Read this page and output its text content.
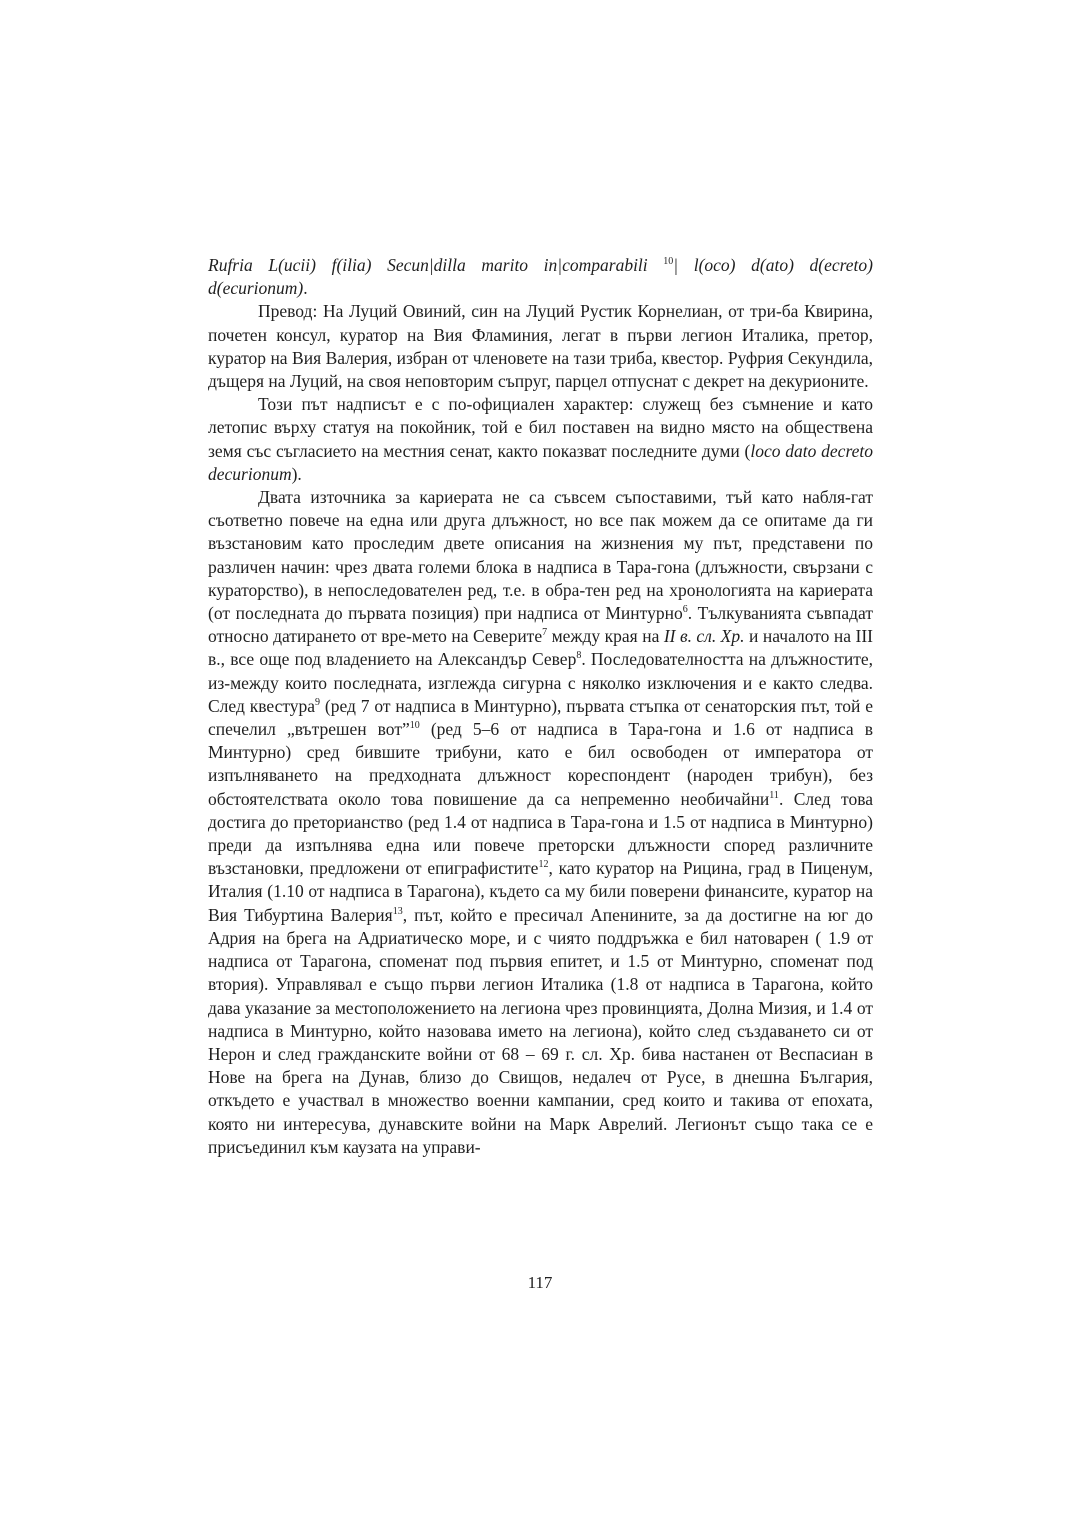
Rufria L(ucii) f(ilia) Secun|dilla marito in|comparabili $^{10}$| l(oco) d(ato) d(ecreto) d(ecurionum).

Превод: На Луций Овиний, син на Луций Рустик Корнелиан, от три-ба Квирина, почетен консул, куратор на Вия Фламиния, легат в първи легион Италика, претор, куратор на Вия Валерия, избран от членовете на тази триба, квестор. Руфрия Секундила, дъщеря на Луций, на своя неповторим съпруг, парцел отпуснат с декрет на декурионите.

Този път надписът е с по-официален характер: служещ без съмнение и като летопис върху статуя на покойник, той е бил поставен на видно място на обществена земя със съгласието на местния сенат, както показват последните думи (loco dato decreto decurionum).

Двата източника за кариерата не са съвсем съпоставими, тъй като набля-гат съответно повече на една или друга длъжност, но все пак можем да се опитаме да ги възстановим като проследим двете описания на жизнения му път, представени по различен начин: чрез двата големи блока в надписа в Тара-гона (длъжности, свързани с кураторство), в непоследователен ред, т.е. в обра-тен ред на хронологията на кариерата (от последната до първата позиция) при надписа от Минтурно$^6$. Тълкуванията съвпадат относно датирането от вре-мето на Северите$^7$ между края на II в. сл. Хр. и началото на III в., все още под владението на Александър Север$^8$. Последователността на длъжностите, из-между които последната, изглежда сигурна с няколко изключения и е както следва. След квестура$^9$ (ред 7 от надписа в Минтурно), първата стъпка от сенаторския път, той е спечелил „вътрешен вот”$^{10}$ (ред 5–6 от надписа в Тара-гона и 1.6 от надписа в Минтурно) сред бившите трибуни, като е бил освободен от императора от изпълняването на предходната длъжност кореспондент (народен трибун), без обстоятелствата около това повишение да са непременно необичайни$^{11}$. След това достига до преторианство (ред 1.4 от надписа в Тара-гона и 1.5 от надписа в Минтурно) преди да изпълнява една или повече преторски длъжности според различните възстановки, предложени от епиграфистите$^{12}$, като куратор на Рицина, град в Пиценум, Италия (1.10 от надписа в Тарагона), където са му били поверени финансите, куратор на Вия Тибуртина Валерия$^{13}$, път, който е пресичал Апенините, за да достигне на юг до Адрия на брега на Адриатическо море, и с чиято поддръжка е бил натоварен ( 1.9 от надписа от Тарагона, споменат под първия епитет, и 1.5 от Минтурно, споменат под втория). Управлявал е също първи легион Италика (1.8 от надписа в Тарагона, който дава указание за местоположението на легиона чрез провинцията, Долна Мизия, и 1.4 от надписа в Минтурно, който назовава името на легиона), който след създаването си от Нерон и след гражданските войни от 68 – 69 г. сл. Хр. бива настанен от Веспасиан в Нове на брега на Дунав, близо до Свищов, недалеч от Русе, в днешна България, откъдето е участвал в множество военни кампании, сред които и такива от епохата, която ни интересува, дунавските войни на Марк Аврелий. Легионът също така се е присъединил към каузата на управи-

117
